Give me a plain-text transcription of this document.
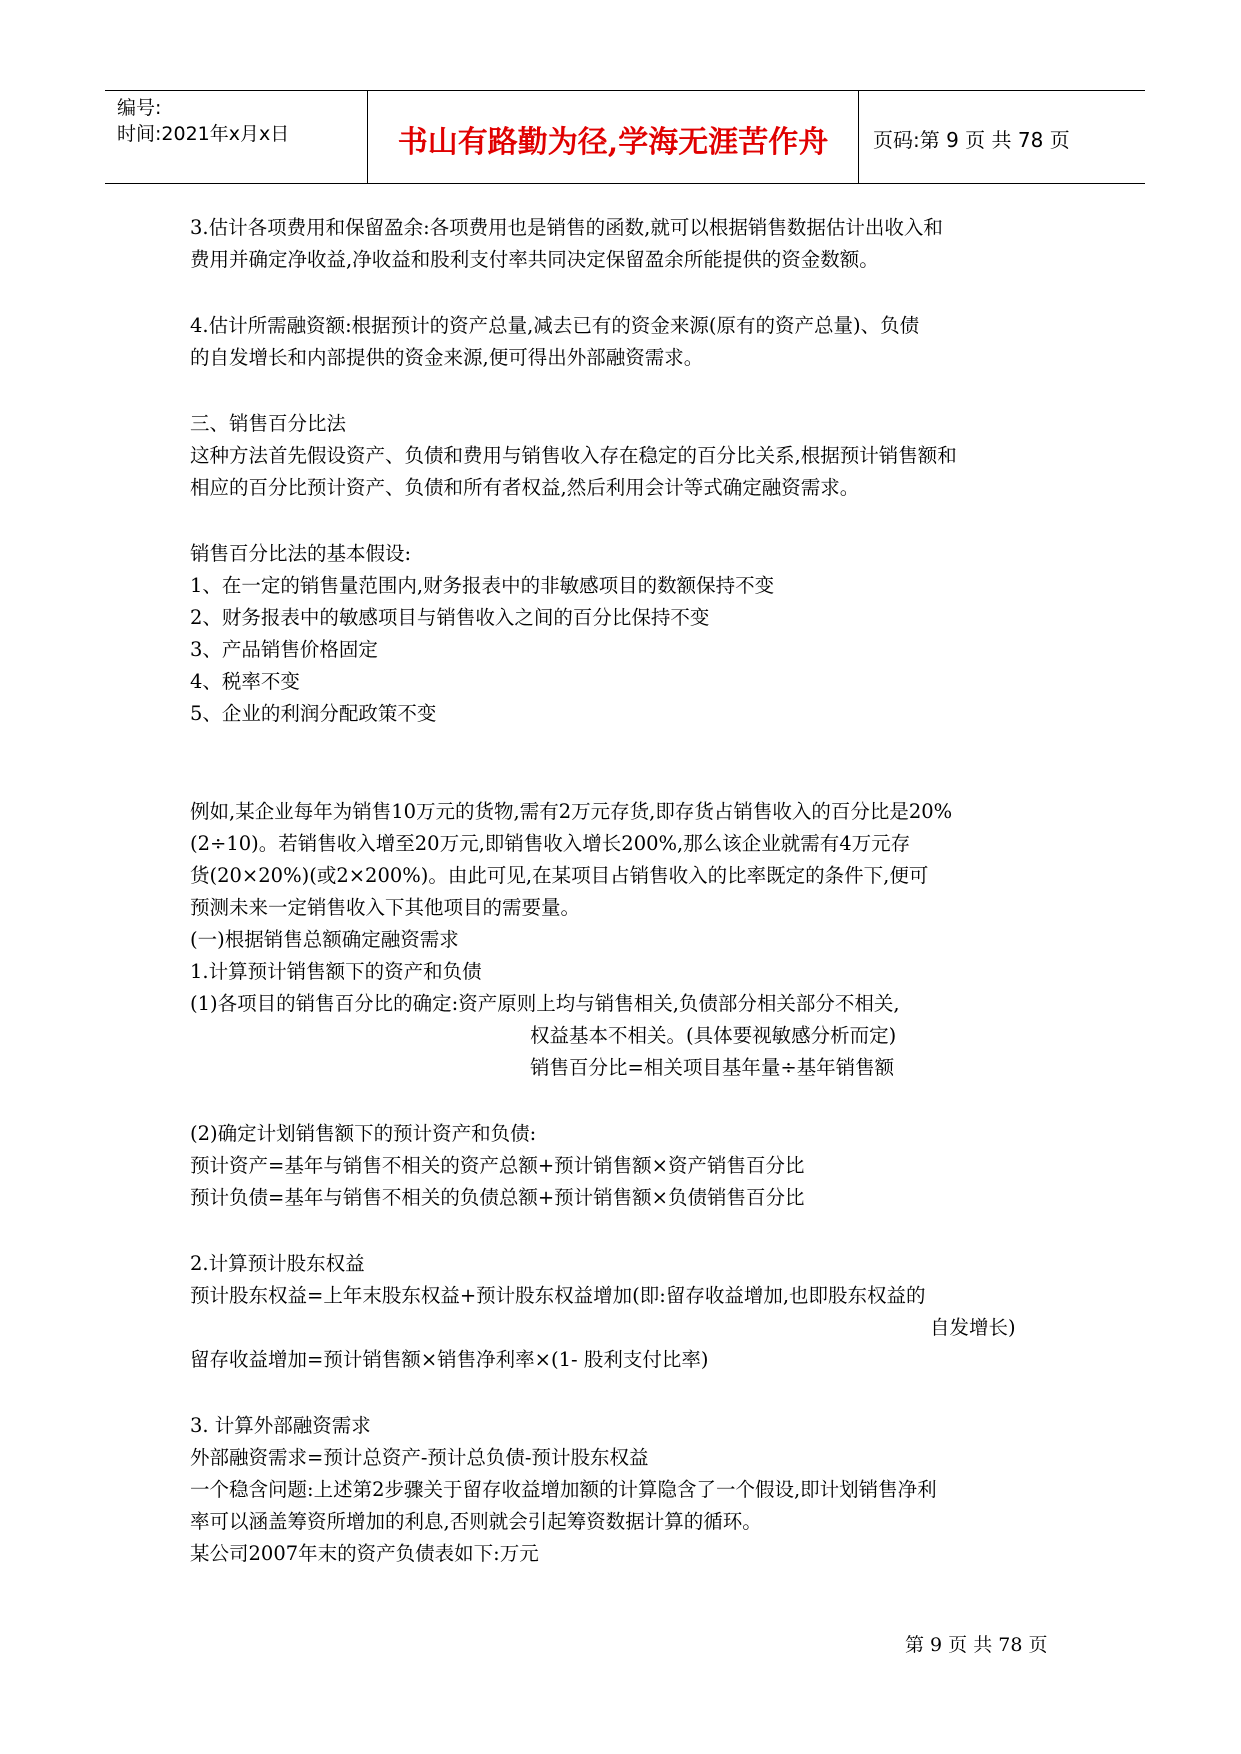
编号:
时间:2021年x月x日	书山有路勤为径,学海无涯苦作舟	页码:第 9 页 共 78 页
3.估计各项费用和保留盈余:各项费用也是销售的函数,就可以根据销售数据估计出收入和
费用并确定净收益,净收益和股利支付率共同决定保留盈余所能提供的资金数额。
4.估计所需融资额:根据预计的资产总量,减去已有的资金来源(原有的资产总量)、负债
的自发增长和内部提供的资金来源,便可得出外部融资需求。
三、销售百分比法
这种方法首先假设资产、负债和费用与销售收入存在稳定的百分比关系,根据预计销售额和
相应的百分比预计资产、负债和所有者权益,然后利用会计等式确定融资需求。
销售百分比法的基本假设:
1、在一定的销售量范围内,财务报表中的非敏感项目的数额保持不变
2、财务报表中的敏感项目与销售收入之间的百分比保持不变
3、产品销售价格固定
4、税率不变
5、企业的利润分配政策不变
例如,某企业每年为销售10万元的货物,需有2万元存货,即存货占销售收入的百分比是20%
(2÷10)。若销售收入增至20万元,即销售收入增长200%,那么该企业就需有4万元存
货(20×20%)(或2×200%)。由此可见,在某项目占销售收入的比率既定的条件下,便可
预测未来一定销售收入下其他项目的需要量。
(一)根据销售总额确定融资需求
1.计算预计销售额下的资产和负债
(1)各项目的销售百分比的确定:资产原则上均与销售相关,负债部分相关部分不相关,
权益基本不相关。(具体要视敏感分析而定)
销售百分比=相关项目基年量÷基年销售额
(2)确定计划销售额下的预计资产和负债:
预计资产=基年与销售不相关的资产总额+预计销售额×资产销售百分比
预计负债=基年与销售不相关的负债总额+预计销售额×负债销售百分比
2.计算预计股东权益
预计股东权益=上年末股东权益+预计股东权益增加(即:留存收益增加,也即股东权益的
自发增长)
留存收益增加=预计销售额×销售净利率×(1- 股利支付比率)
3. 计算外部融资需求
外部融资需求=预计总资产-预计总负债-预计股东权益
一个稳含问题:上述第2步骤关于留存收益增加额的计算隐含了一个假设,即计划销售净利
率可以涵盖筹资所增加的利息,否则就会引起筹资数据计算的循环。
某公司2007年末的资产负债表如下:万元
第 9 页 共 78 页
